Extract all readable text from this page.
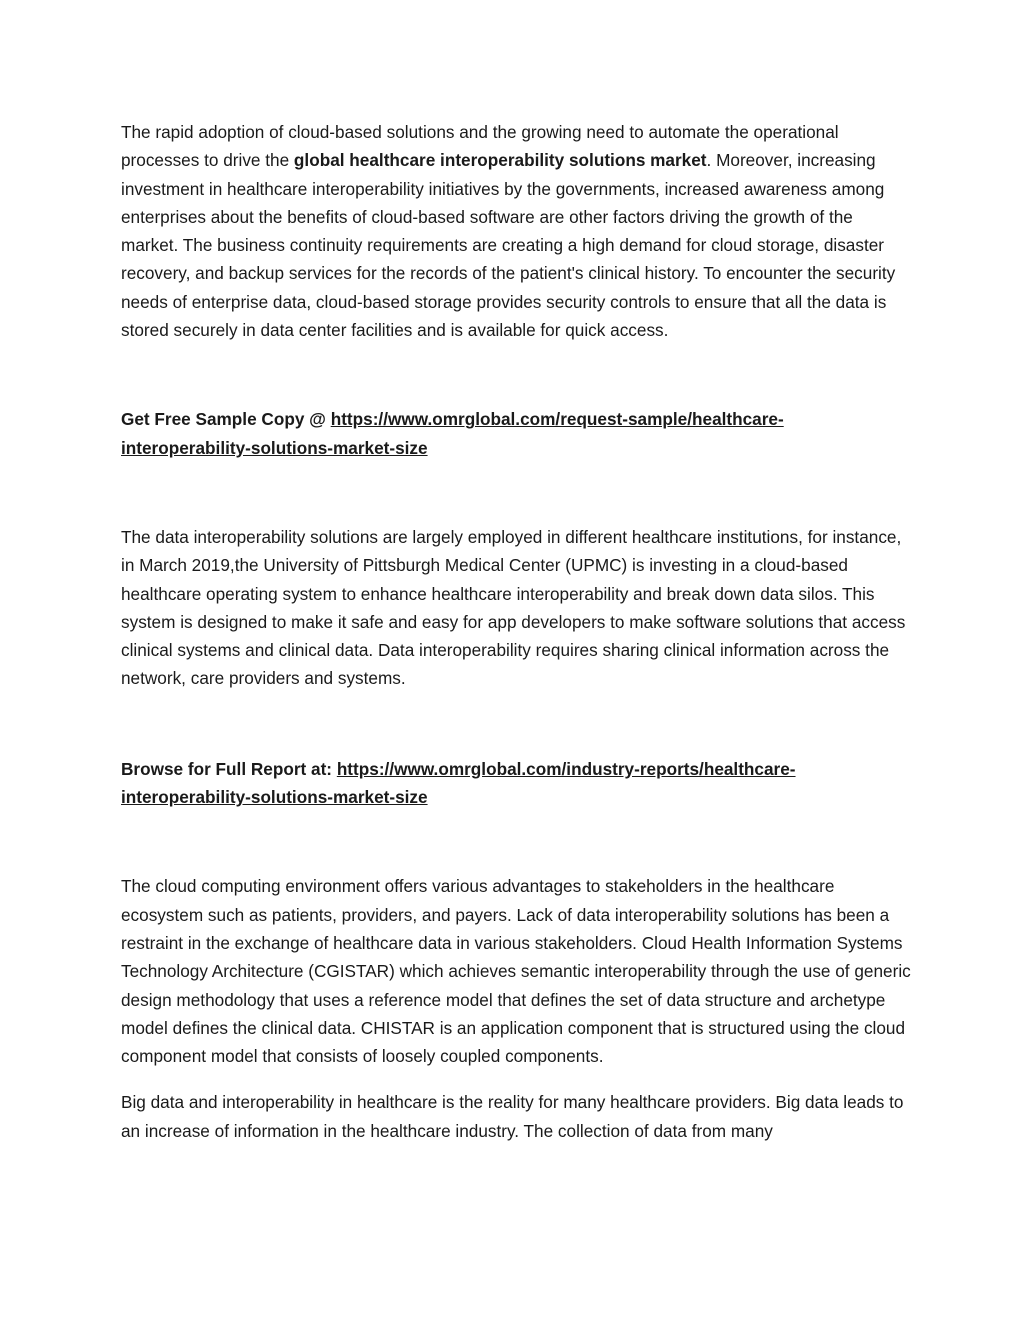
The rapid adoption of cloud-based solutions and the growing need to automate the operational processes to drive the global healthcare interoperability solutions market. Moreover, increasing investment in healthcare interoperability initiatives by the governments, increased awareness among enterprises about the benefits of cloud-based software are other factors driving the growth of the market. The business continuity requirements are creating a high demand for cloud storage, disaster recovery, and backup services for the records of the patient's clinical history. To encounter the security needs of enterprise data, cloud-based storage provides security controls to ensure that all the data is stored securely in data center facilities and is available for quick access.

Get Free Sample Copy @ https://www.omrglobal.com/request-sample/healthcare-
interoperability-solutions-market-size

The data interoperability solutions are largely employed in different healthcare institutions, for instance, in March 2019,the University of Pittsburgh Medical Center (UPMC) is investing in a cloud-based healthcare operating system to enhance healthcare interoperability and break down data silos. This system is designed to make it safe and easy for app developers to make software solutions that access clinical systems and clinical data. Data interoperability requires sharing clinical information across the network, care providers and systems.

Browse for Full Report at: https://www.omrglobal.com/industry-reports/healthcare-
interoperability-solutions-market-size

The cloud computing environment offers various advantages to stakeholders in the healthcare ecosystem such as patients, providers, and payers. Lack of data interoperability solutions has been a restraint in the exchange of healthcare data in various stakeholders. Cloud Health Information Systems Technology Architecture (CGISTAR) which achieves semantic interoperability through the use of generic design methodology that uses a reference model that defines the set of data structure and archetype model defines the clinical data. CHISTAR is an application component that is structured using the cloud component model that consists of loosely coupled components.

Big data and interoperability in healthcare is the reality for many healthcare providers. Big data leads to an increase of information in the healthcare industry. The collection of data from many
